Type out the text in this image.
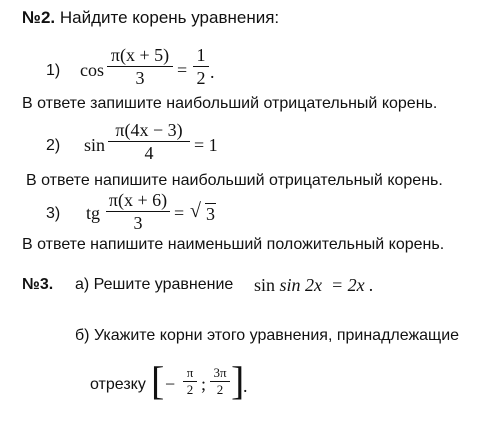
№2. Найдите корень уравнения:
1) cos
π(x + 5)
3	=
1
2 .
В ответе запишите наибольший отрицательный корень.
2) sin
π(4x − 3)
4	= 1
В ответе напишите наибольший отрицательный корень.
3) tg
π(x + 6)
3	= √ 3
В ответе напишите наименьший положительный корень.
№3. а) Решите уравнение sin sin 2x = 2x .
б) Укажите корни этого уравнения, принадлежащие
отрезку [ −
π
2 ;
3π
2 ]
.
